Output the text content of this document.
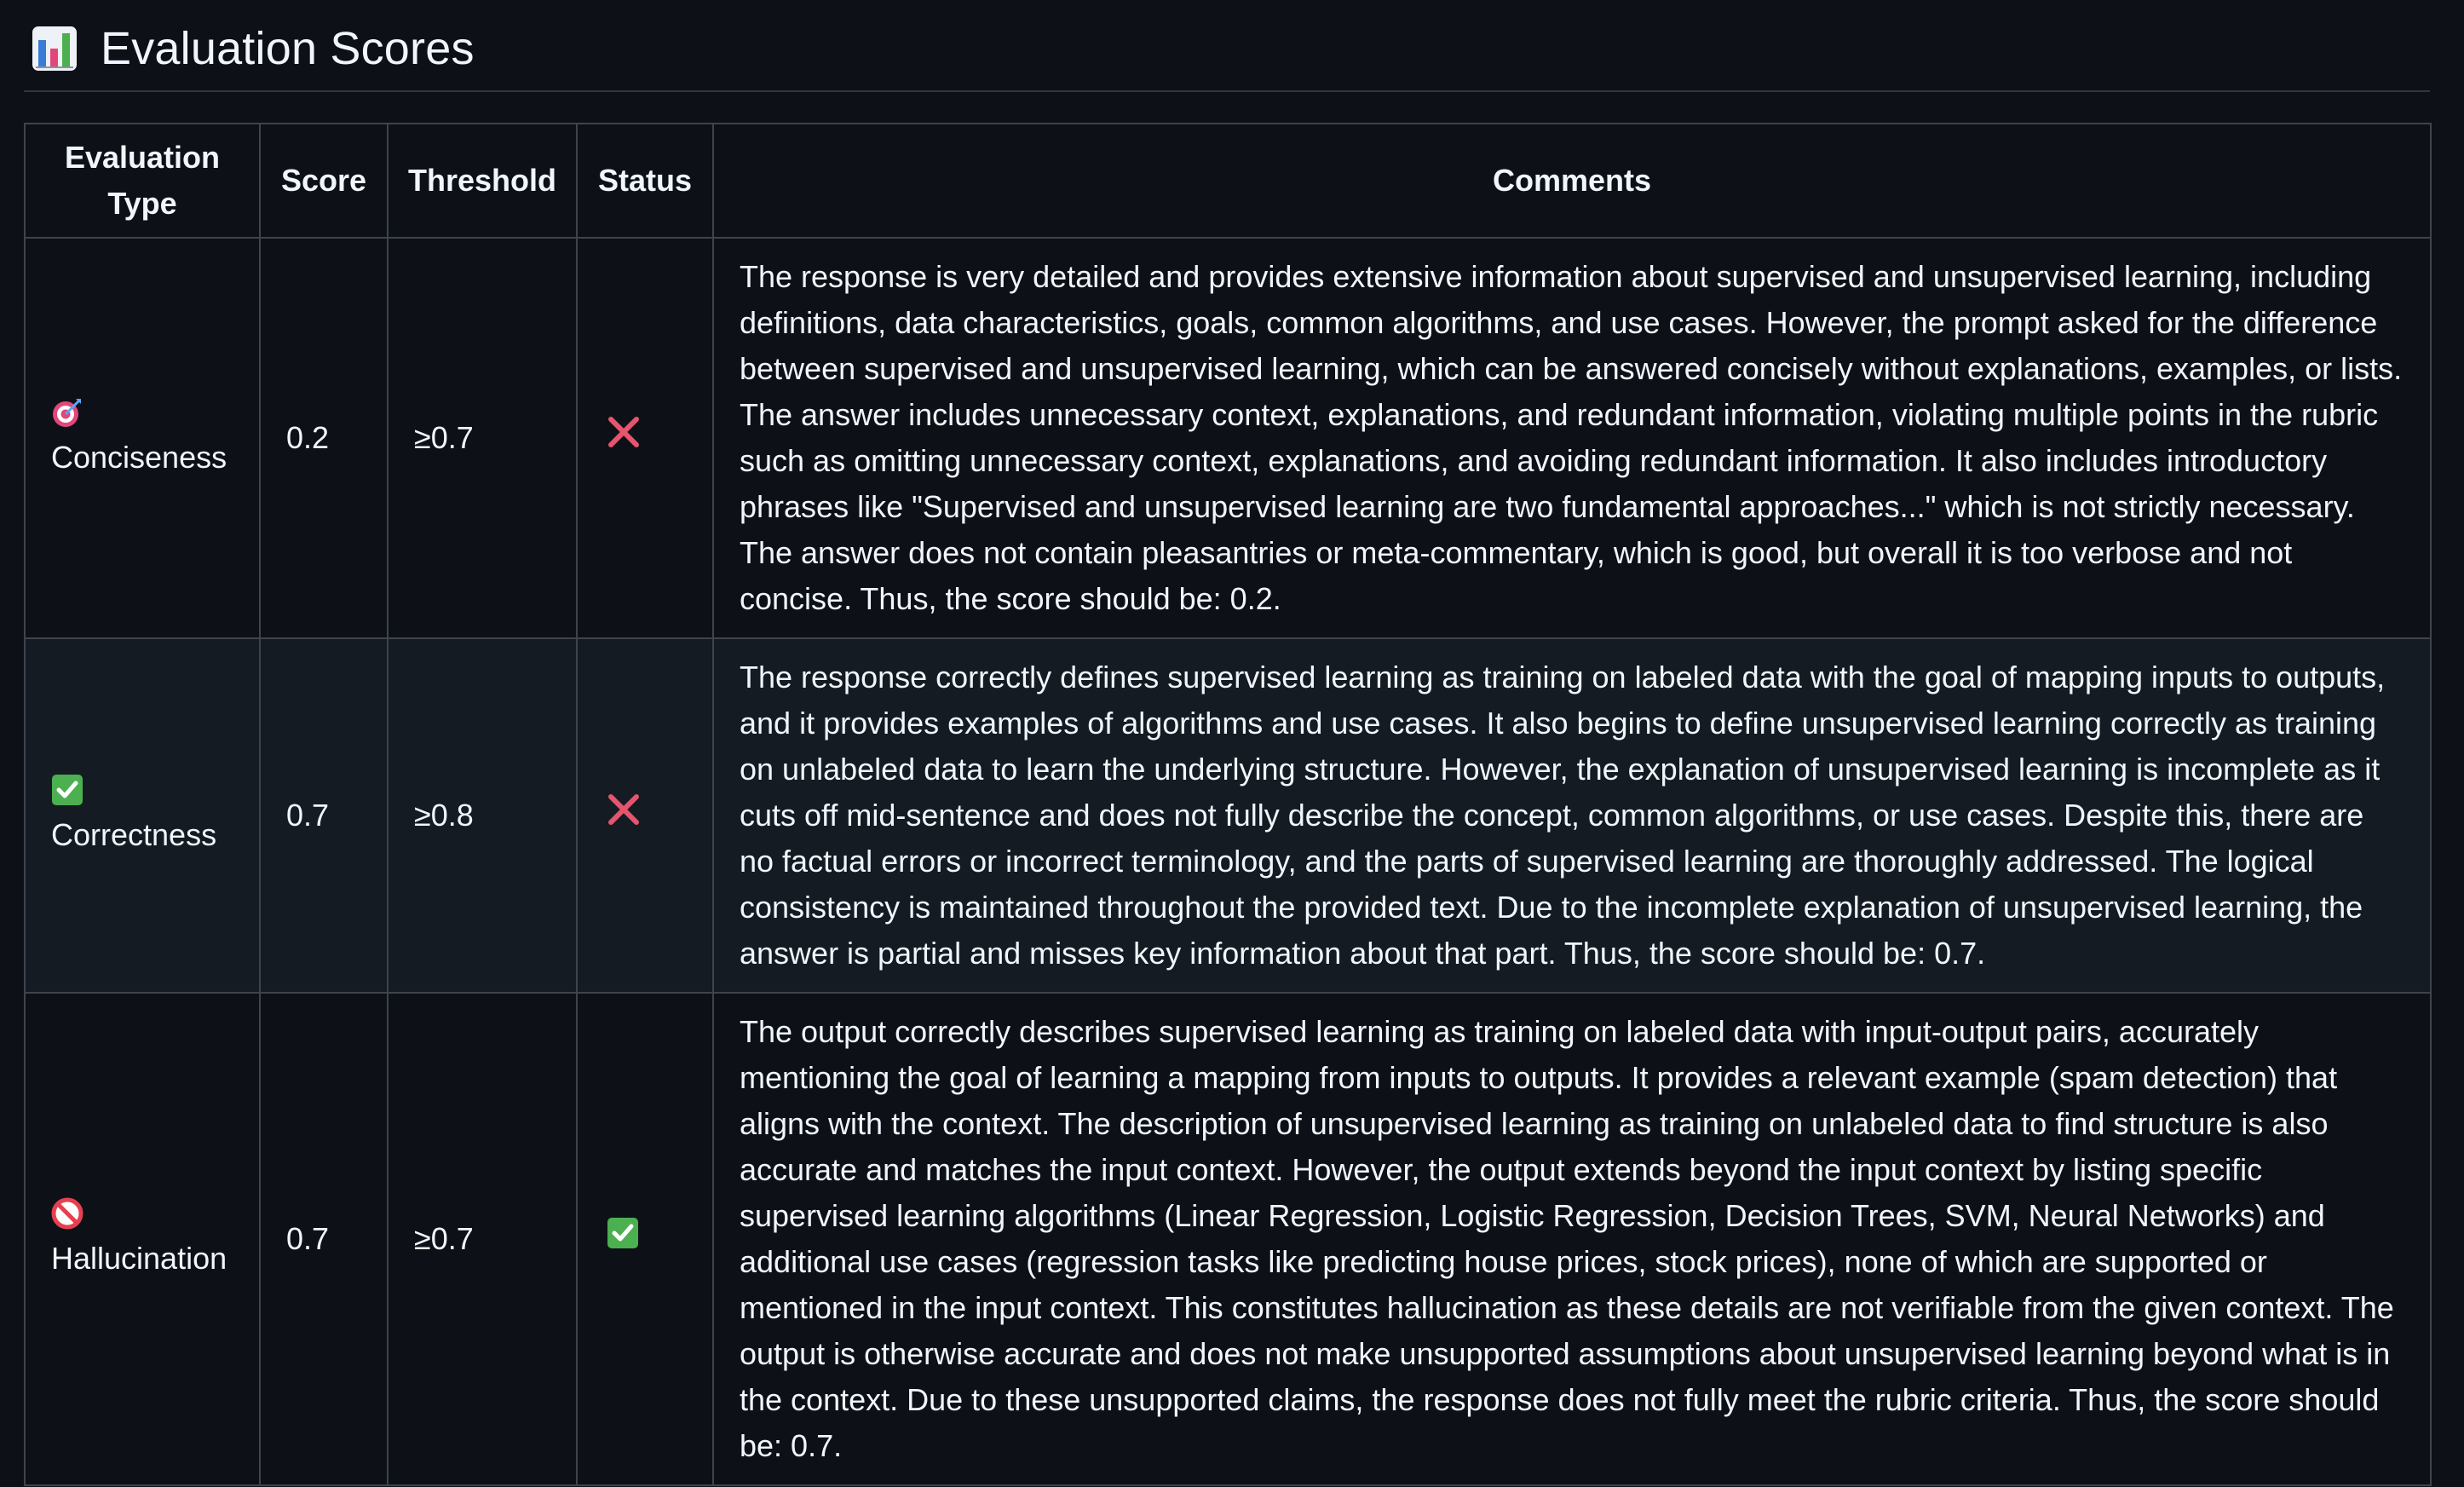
Evaluation Scores
Evaluation Type	Score	Threshold	Status	Comments

Conciseness	0.2	≥0.7		The response is very detailed and provides extensive information about supervised and unsupervised learning, including definitions, data characteristics, goals, common algorithms, and use cases. However, the prompt asked for the difference between supervised and unsupervised learning, which can be answered concisely without explanations, examples, or lists. The answer includes unnecessary context, explanations, and redundant information, violating multiple points in the rubric such as omitting unnecessary context, explanations, and avoiding redundant information. It also includes introductory phrases like "Supervised and unsupervised learning are two fundamental approaches..." which is not strictly necessary. The answer does not contain pleasantries or meta-commentary, which is good, but overall it is too verbose and not concise. Thus, the score should be: 0.2.

Correctness	0.7	≥0.8		The response correctly defines supervised learning as training on labeled data with the goal of mapping inputs to outputs, and it provides examples of algorithms and use cases. It also begins to define unsupervised learning correctly as training on unlabeled data to learn the underlying structure. However, the explanation of unsupervised learning is incomplete as it cuts off mid-sentence and does not fully describe the concept, common algorithms, or use cases. Despite this, there are no factual errors or incorrect terminology, and the parts of supervised learning are thoroughly addressed. The logical consistency is maintained throughout the provided text. Due to the incomplete explanation of unsupervised learning, the answer is partial and misses key information about that part. Thus, the score should be: 0.7.

Hallucination	0.7	≥0.7		The output correctly describes supervised learning as training on labeled data with input-output pairs, accurately mentioning the goal of learning a mapping from inputs to outputs. It provides a relevant example (spam detection) that aligns with the context. The description of unsupervised learning as training on unlabeled data to find structure is also accurate and matches the input context. However, the output extends beyond the input context by listing specific supervised learning algorithms (Linear Regression, Logistic Regression, Decision Trees, SVM, Neural Networks) and additional use cases (regression tasks like predicting house prices, stock prices), none of which are supported or mentioned in the input context. This constitutes hallucination as these details are not verifiable from the given context. The output is otherwise accurate and does not make unsupported assumptions about unsupervised learning beyond what is in the context. Due to these unsupported claims, the response does not fully meet the rubric criteria. Thus, the score should be: 0.7.
